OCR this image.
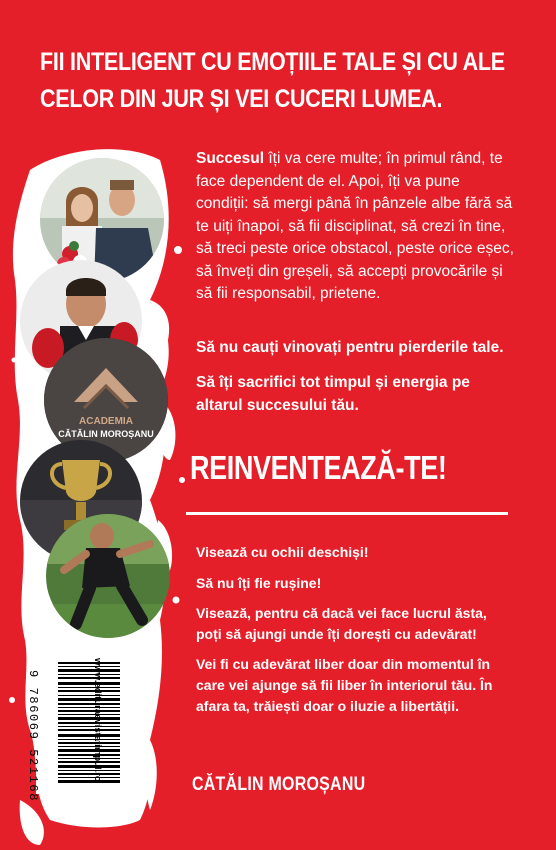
FII INTELIGENT CU EMOȚIILE TALE ȘI CU ALE
CELOR DIN JUR ȘI VEI CUCERI LUMEA.
ACADEMIA
CĂTĂLIN MOROȘANU
Succesul îți va cere multe; în primul rând, te face dependent de el. Apoi, îți va pune condiții: să mergi până în pânzele albe fără să te uiți înapoi, să fii disciplinat, să crezi în tine, să treci peste orice obstacol, peste orice eșec, să înveți din greșeli, să accepți provocările și să fii responsabil, prietene.
Să nu cauți vinovați pentru pierderile tale.
Să îți sacrifici tot timpul și energia pe altarul succesului tău.
REINVENTEAZĂ-TE!
Visează cu ochii deschiși!
Să nu îți fie rușine!
Visează, pentru că dacă vei face lucrul ăsta, poți să ajungi unde îți dorești cu adevărat!
Vei fi cu adevărat liber doar din momentul în care vei ajunge să fii liber în interiorul tău. În afara ta, trăiești doar o iluzie a libertății.
CĂTĂLIN MOROȘANU
9 786069 521168	www.edituraevistatimpul.ro
